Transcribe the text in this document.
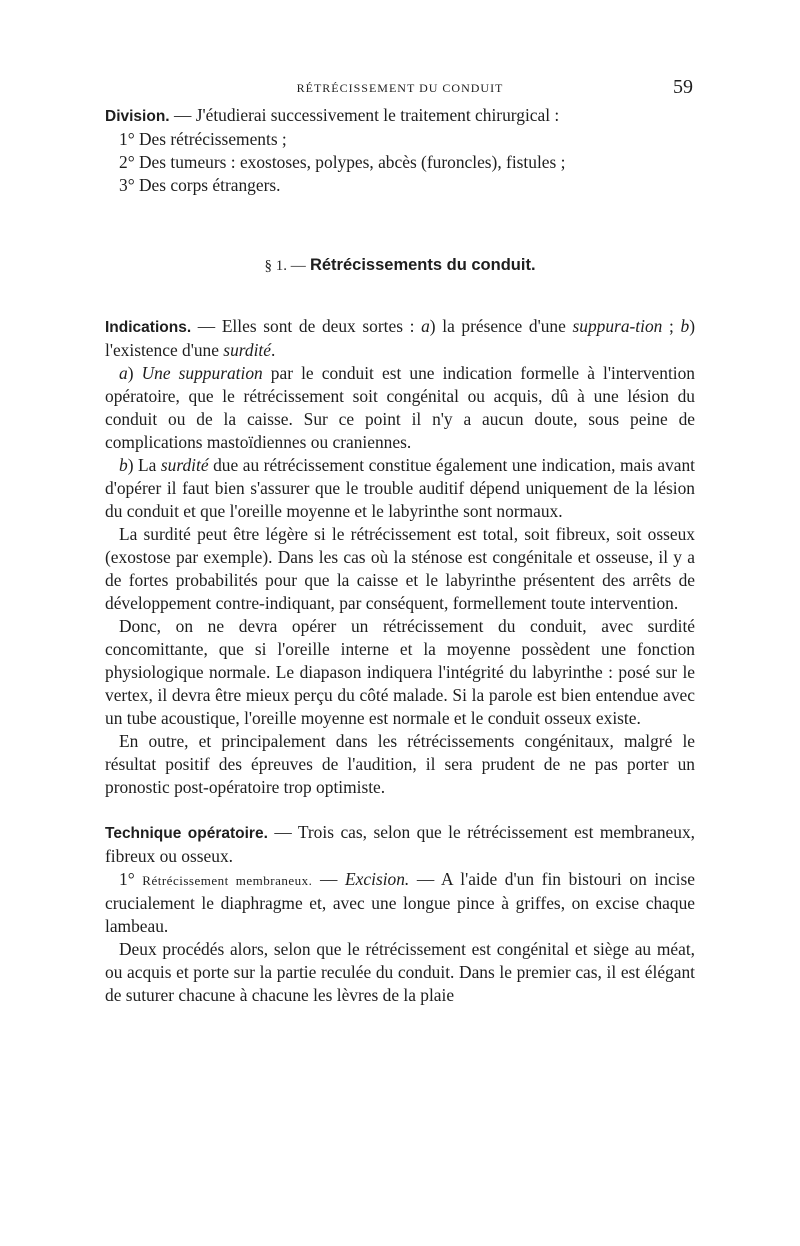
RÉTRÉCISSEMENT DU CONDUIT	59

Division. — J'étudierai successivement le traitement chirurgical :

1° Des rétrécissements ;

2° Des tumeurs : exostoses, polypes, abcès (furoncles), fistules ;

3° Des corps étrangers.

§ 1. — Rétrécissements du conduit.

Indications. — Elles sont de deux sortes : a) la présence d'une suppura-tion ; b) l'existence d'une surdité.

a) Une suppuration par le conduit est une indication formelle à l'intervention opératoire, que le rétrécissement soit congénital ou acquis, dû à une lésion du conduit ou de la caisse. Sur ce point il n'y a aucun doute, sous peine de complications mastoïdiennes ou craniennes.

b) La surdité due au rétrécissement constitue également une indication, mais avant d'opérer il faut bien s'assurer que le trouble auditif dépend uniquement de la lésion du conduit et que l'oreille moyenne et le labyrinthe sont normaux.

La surdité peut être légère si le rétrécissement est total, soit fibreux, soit osseux (exostose par exemple). Dans les cas où la sténose est congénitale et osseuse, il y a de fortes probabilités pour que la caisse et le labyrinthe présentent des arrêts de développement contre-indiquant, par conséquent, formellement toute intervention.

Donc, on ne devra opérer un rétrécissement du conduit, avec surdité concomittante, que si l'oreille interne et la moyenne possèdent une fonction physiologique normale. Le diapason indiquera l'intégrité du labyrinthe : posé sur le vertex, il devra être mieux perçu du côté malade. Si la parole est bien entendue avec un tube acoustique, l'oreille moyenne est normale et le conduit osseux existe.

En outre, et principalement dans les rétrécissements congénitaux, malgré le résultat positif des épreuves de l'audition, il sera prudent de ne pas porter un pronostic post-opératoire trop optimiste.

Technique opératoire. — Trois cas, selon que le rétrécissement est membraneux, fibreux ou osseux.

1° Rétrécissement membraneux. — Excision. — A l'aide d'un fin bistouri on incise crucialement le diaphragme et, avec une longue pince à griffes, on excise chaque lambeau.

Deux procédés alors, selon que le rétrécissement est congénital et siège au méat, ou acquis et porte sur la partie reculée du conduit. Dans le premier cas, il est élégant de suturer chacune à chacune les lèvres de la plaie
